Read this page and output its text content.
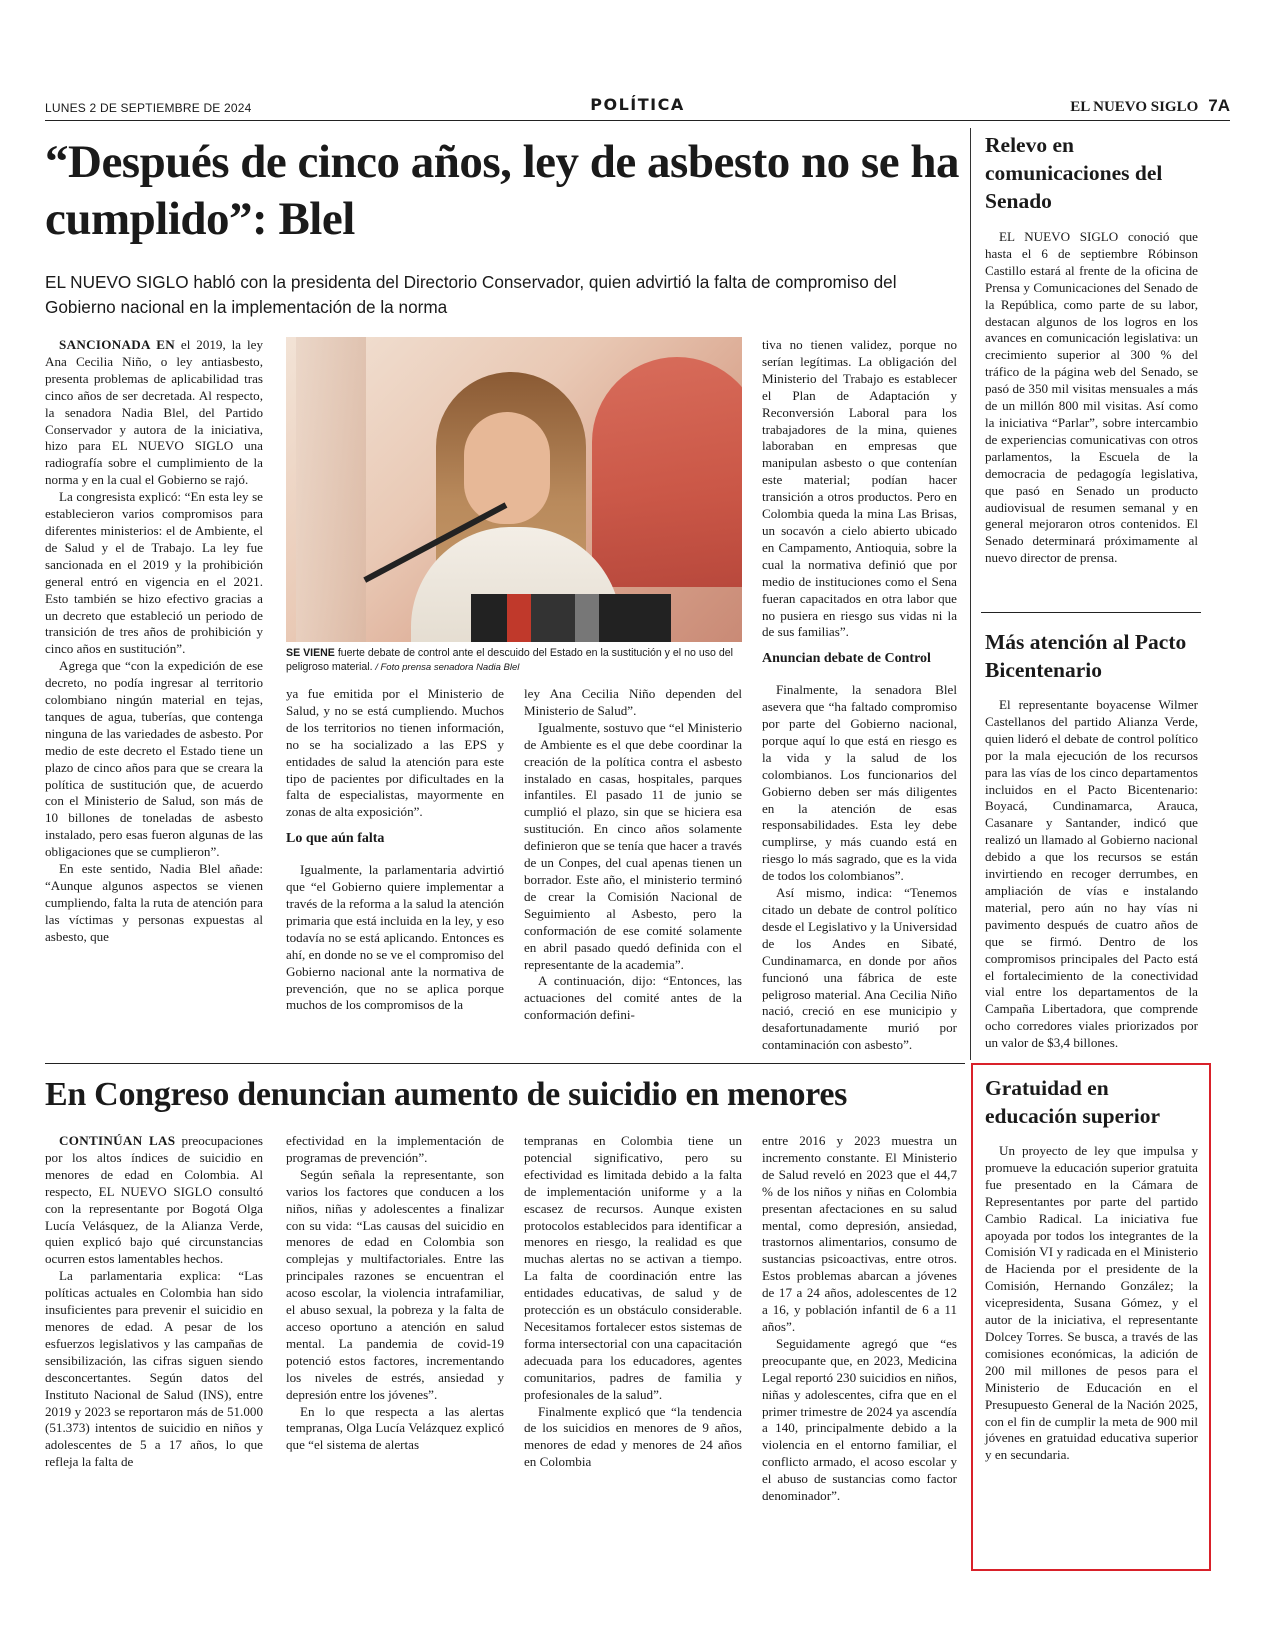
LUNES 2 DE SEPTIEMBRE DE 2024	POLÍTICA	EL NUEVO SIGLO 7A
“Después de cinco años, ley de asbesto no se ha cumplido”: Blel
EL NUEVO SIGLO habló con la presidenta del Directorio Conservador, quien advirtió la falta de compromiso del Gobierno nacional en la implementación de la norma

SANCIONADA EN el 2019, la ley Ana Cecilia Niño, o ley antiasbesto, presenta problemas de aplicabilidad tras cinco años de ser decretada. Al respecto, la senadora Nadia Blel, del Partido Conservador y autora de la iniciativa, hizo para EL NUEVO SIGLO una radiografía sobre el cumplimiento de la norma y en la cual el Gobierno se rajó.

La congresista explicó: “En esta ley se establecieron varios compromisos para diferentes ministerios: el de Ambiente, el de Salud y el de Trabajo. La ley fue sancionada en el 2019 y la prohibición general entró en vigencia en el 2021. Esto también se hizo efectivo gracias a un decreto que estableció un periodo de transición de tres años de prohibición y cinco años en sustitución”.

Agrega que “con la expedición de ese decreto, no podía ingresar al territorio colombiano ningún material en tejas, tanques de agua, tuberías, que contenga ninguna de las variedades de asbesto. Por medio de este decreto el Estado tiene un plazo de cinco años para que se creara la política de sustitución que, de acuerdo con el Ministerio de Salud, son más de 10 billones de toneladas de asbesto instalado, pero esas fueron algunas de las obligaciones que se cumplieron”.

En este sentido, Nadia Blel añade: “Aunque algunos aspectos se vienen cumpliendo, falta la ruta de atención para las víctimas y personas expuestas al asbesto, que

SE VIENE fuerte debate de control ante el descuido del Estado en la sustitución y el no uso del peligroso material. / Foto prensa senadora Nadia Blel

ya fue emitida por el Ministerio de Salud, y no se está cumpliendo. Muchos de los territorios no tienen información, no se ha socializado a las EPS y entidades de salud la atención para este tipo de pacientes por dificultades en la falta de especialistas, mayormente en zonas de alta exposición”.

Lo que aún falta

Igualmente, la parlamentaria advirtió que “el Gobierno quiere implementar a través de la reforma a la salud la atención primaria que está incluida en la ley, y eso todavía no se está aplicando. Entonces es ahí, en donde no se ve el compromiso del Gobierno nacional ante la normativa de prevención, que no se aplica porque muchos de los compromisos de la

ley Ana Cecilia Niño dependen del Ministerio de Salud”.

Igualmente, sostuvo que “el Ministerio de Ambiente es el que debe coordinar la creación de la política contra el asbesto instalado en casas, hospitales, parques infantiles. El pasado 11 de junio se cumplió el plazo, sin que se hiciera esa sustitución. En cinco años solamente definieron que se tenía que hacer a través de un Conpes, del cual apenas tienen un borrador. Este año, el ministerio terminó de crear la Comisión Nacional de Seguimiento al Asbesto, pero la conformación de ese comité solamente en abril pasado quedó definida con el representante de la academia”.

A continuación, dijo: “Entonces, las actuaciones del comité antes de la conformación defini-

tiva no tienen validez, porque no serían legítimas. La obligación del Ministerio del Trabajo es establecer el Plan de Adaptación y Reconversión Laboral para los trabajadores de la mina, quienes laboraban en empresas que manipulan asbesto o que contenían este material; podían hacer transición a otros productos. Pero en Colombia queda la mina Las Brisas, un socavón a cielo abierto ubicado en Campamento, Antioquia, sobre la cual la normativa definió que por medio de instituciones como el Sena fueran capacitados en otra labor que no pusiera en riesgo sus vidas ni la de sus familias”.

Anuncian debate de Control

Finalmente, la senadora Blel asevera que “ha faltado compromiso por parte del Gobierno nacional, porque aquí lo que está en riesgo es la vida y la salud de los colombianos. Los funcionarios del Gobierno deben ser más diligentes en la atención de esas responsabilidades. Esta ley debe cumplirse, y más cuando está en riesgo lo más sagrado, que es la vida de todos los colombianos”.

Así mismo, indica: “Tenemos citado un debate de control político desde el Legislativo y la Universidad de los Andes en Sibaté, Cundinamarca, en donde por años funcionó una fábrica de este peligroso material. Ana Cecilia Niño nació, creció en ese municipio y desafortunadamente murió por contaminación con asbesto”.

Relevo en comunicaciones del Senado

EL NUEVO SIGLO conoció que hasta el 6 de septiembre Róbinson Castillo estará al frente de la oficina de Prensa y Comunicaciones del Senado de la República, como parte de su labor, destacan algunos de los logros en los avances en comunicación legislativa: un crecimiento superior al 300 % del tráfico de la página web del Senado, se pasó de 350 mil visitas mensuales a más de un millón 800 mil visitas. Así como la iniciativa “Parlar”, sobre intercambio de experiencias comunicativas con otros parlamentos, la Escuela de la democracia de pedagogía legislativa, que pasó en Senado un producto audiovisual de resumen semanal y en general mejoraron otros contenidos. El Senado determinará próximamente al nuevo director de prensa.

Más atención al Pacto Bicentenario

El representante boyacense Wilmer Castellanos del partido Alianza Verde, quien lideró el debate de control político por la mala ejecución de los recursos para las vías de los cinco departamentos incluidos en el Pacto Bicentenario: Boyacá, Cundinamarca, Arauca, Casanare y Santander, indicó que realizó un llamado al Gobierno nacional debido a que los recursos se están invirtiendo en recoger derrumbes, en ampliación de vías e instalando material, pero aún no hay vías ni pavimento después de cuatro años de que se firmó. Dentro de los compromisos principales del Pacto está el fortalecimiento de la conectividad vial entre los departamentos de la Campaña Libertadora, que comprende ocho corredores viales priorizados por un valor de $3,4 billones.

En Congreso denuncian aumento de suicidio en menores

CONTINÚAN LAS preocupaciones por los altos índices de suicidio en menores de edad en Colombia. Al respecto, EL NUEVO SIGLO consultó con la representante por Bogotá Olga Lucía Velásquez, de la Alianza Verde, quien explicó bajo qué circunstancias ocurren estos lamentables hechos.

La parlamentaria explica: “Las políticas actuales en Colombia han sido insuficientes para prevenir el suicidio en menores de edad. A pesar de los esfuerzos legislativos y las campañas de sensibilización, las cifras siguen siendo desconcertantes. Según datos del Instituto Nacional de Salud (INS), entre 2019 y 2023 se reportaron más de 51.000 (51.373) intentos de suicidio en niños y adolescentes de 5 a 17 años, lo que refleja la falta de

efectividad en la implementación de programas de prevención”.

Según señala la representante, son varios los factores que conducen a los niños, niñas y adolescentes a finalizar con su vida: “Las causas del suicidio en menores de edad en Colombia son complejas y multifactoriales. Entre las principales razones se encuentran el acoso escolar, la violencia intrafamiliar, el abuso sexual, la pobreza y la falta de acceso oportuno a atención en salud mental. La pandemia de covid-19 potenció estos factores, incrementando los niveles de estrés, ansiedad y depresión entre los jóvenes”.

En lo que respecta a las alertas tempranas, Olga Lucía Velázquez explicó que “el sistema de alertas

tempranas en Colombia tiene un potencial significativo, pero su efectividad es limitada debido a la falta de implementación uniforme y a la escasez de recursos. Aunque existen protocolos establecidos para identificar a menores en riesgo, la realidad es que muchas alertas no se activan a tiempo. La falta de coordinación entre las entidades educativas, de salud y de protección es un obstáculo considerable. Necesitamos fortalecer estos sistemas de forma intersectorial con una capacitación adecuada para los educadores, agentes comunitarios, padres de familia y profesionales de la salud”.

Finalmente explicó que “la tendencia de los suicidios en menores de 9 años, menores de edad y menores de 24 años en Colombia

entre 2016 y 2023 muestra un incremento constante. El Ministerio de Salud reveló en 2023 que el 44,7 % de los niños y niñas en Colombia presentan afectaciones en su salud mental, como depresión, ansiedad, trastornos alimentarios, consumo de sustancias psicoactivas, entre otros. Estos problemas abarcan a jóvenes de 17 a 24 años, adolescentes de 12 a 16, y población infantil de 6 a 11 años”.

Seguidamente agregó que “es preocupante que, en 2023, Medicina Legal reportó 230 suicidios en niños, niñas y adolescentes, cifra que en el primer trimestre de 2024 ya ascendía a 140, principalmente debido a la violencia en el entorno familiar, el conflicto armado, el acoso escolar y el abuso de sustancias como factor denominador”.

Gratuidad en educación superior

Un proyecto de ley que impulsa y promueve la educación superior gratuita fue presentado en la Cámara de Representantes por parte del partido Cambio Radical. La iniciativa fue apoyada por todos los integrantes de la Comisión VI y radicada en el Ministerio de Hacienda por el presidente de la Comisión, Hernando González; la vicepresidenta, Susana Gómez, y el autor de la iniciativa, el representante Dolcey Torres. Se busca, a través de las comisiones económicas, la adición de 200 mil millones de pesos para el Ministerio de Educación en el Presupuesto General de la Nación 2025, con el fin de cumplir la meta de 900 mil jóvenes en gratuidad educativa superior y en secundaria.
